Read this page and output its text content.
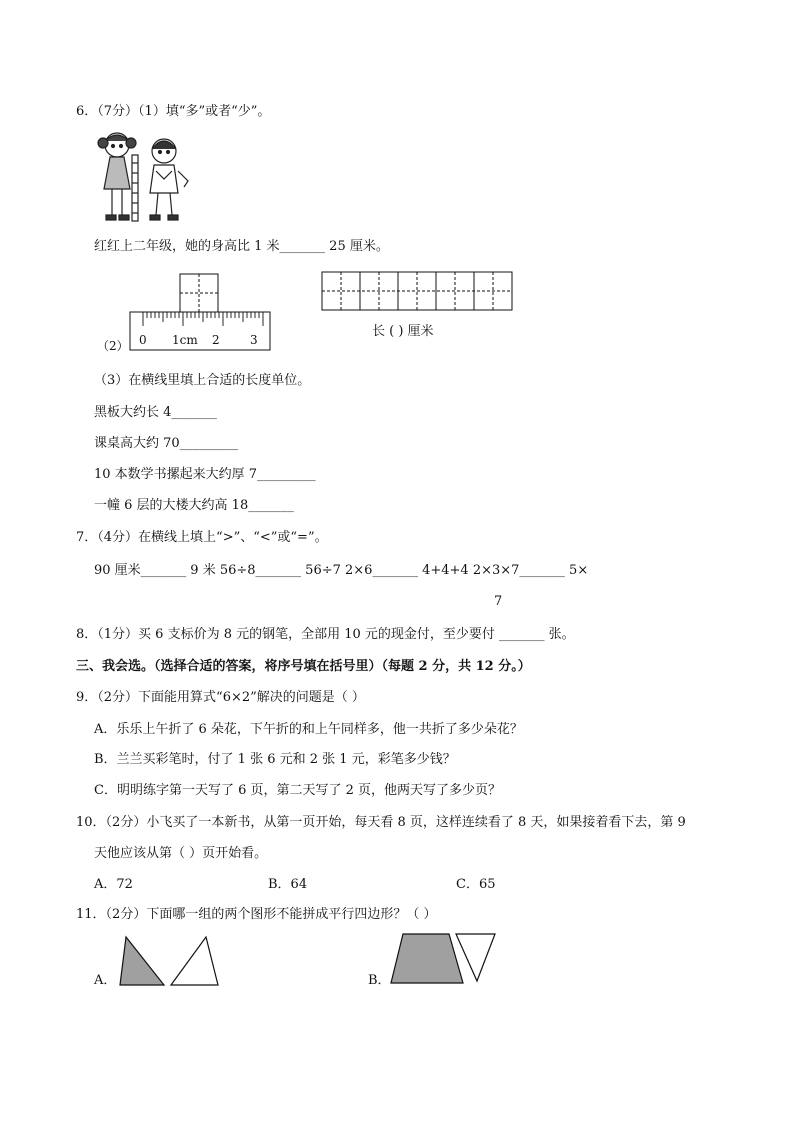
6．（7分）（1）填“多”或者“少”。
红红上二年级，她的身高比 1 米_______ 25 厘米。
（2） 0 1cm 2	3
长 ( ) 厘米
（3）在横线里填上合适的长度单位。
黑板大约长 4_______
课桌高大约 70_________
10 本数学书摞起来大约厚 7_________
一幢 6 层的大楼大约高 18_______
7．（4分）在横线上填上“>”、“<”或“=”。
90 厘米_______ 9 米 56÷8_______ 56÷7 2×6_______ 4+4+4 2×3×7_______ 5×
7
8．（1分）买 6 支标价为 8 元的钢笔，全部用 10 元的现金付，至少要付 _______ 张。
三、我会选。（选择合适的答案，将序号填在括号里）（每题 2 分，共 12 分。）
9．（2分）下面能用算式“6×2”解决的问题是（ ）
A．乐乐上午折了 6 朵花，下午折的和上午同样多，他一共折了多少朵花？
B．兰兰买彩笔时，付了 1 张 6 元和 2 张 1 元，彩笔多少钱？
C．明明练字第一天写了 6 页，第二天写了 2 页，他两天写了多少页？
10．（2分）小飞买了一本新书，从第一页开始，每天看 8 页，这样连续看了 8 天，如果接着看下去，第 9
天他应该从第（ ）页开始看。
A．72	B．64	C．65
11．（2分）下面哪一组的两个图形不能拼成平行四边形？（ ）
A．	B．
